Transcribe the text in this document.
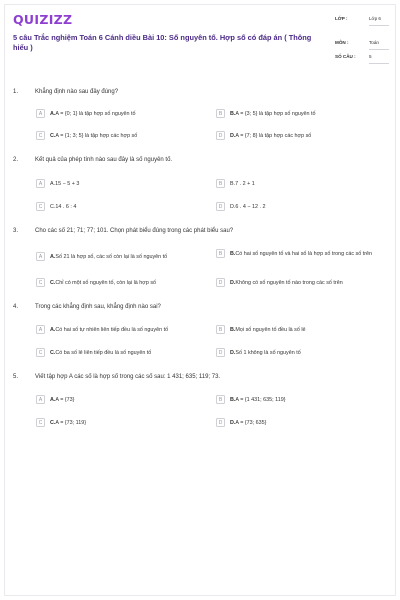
QUIZIZZ
5 câu Trắc nghiệm Toán 6 Cánh diều Bài 10: Số nguyên tố. Hợp số có đáp án ( Thông hiểu )
LỚP :	Lớp 6
MÔN :	Toán
SỐ CÂU :	5
1.	Khẳng định nào sau đây đúng?
A	A.A = {0; 1} là tập hợp số nguyên tố	B	B.A = {3; 5} là tập hợp số nguyên tố
C	C.A = {1; 3; 5} là tập hợp các hợp số	D	D.A = {7; 8} là tập hợp các hợp số
2.	Kết quả của phép tính nào sau đây là số nguyên tố.
A	A.15 − 5 + 3	B	B.7 . 2 + 1
C	C.14 . 6 : 4	D	D.6 . 4 − 12 . 2
3.	Cho các số 21; 71; 77; 101. Chọn phát biểu đúng trong các phát biểu sau?
A	A.Số 21 là hợp số, các số còn lại là số nguyên tố	B	B.Có hai số nguyên tố và hai số là hợp số trong các số trên
C	C.Chỉ có một số nguyên tố, còn lại là hợp số	D	D.Không có số nguyên tố nào trong các số trên
4.	Trong các khẳng định sau, khẳng định nào sai?
A	A.Có hai số tự nhiên liên tiếp đều là số nguyên tố	B	B.Mọi số nguyên tố đều là số lẻ
C	C.Có ba số lẻ liên tiếp đều là số nguyên tố	D	D.Số 1 không là số nguyên tố
5.	Viết tập hợp A các số là hợp số trong các số sau: 1 431; 635; 119; 73.
A	A.A = {73}	B	B.A = {1 431; 635; 119}
C	C.A = {73; 119}	D	D.A = {73; 635}
